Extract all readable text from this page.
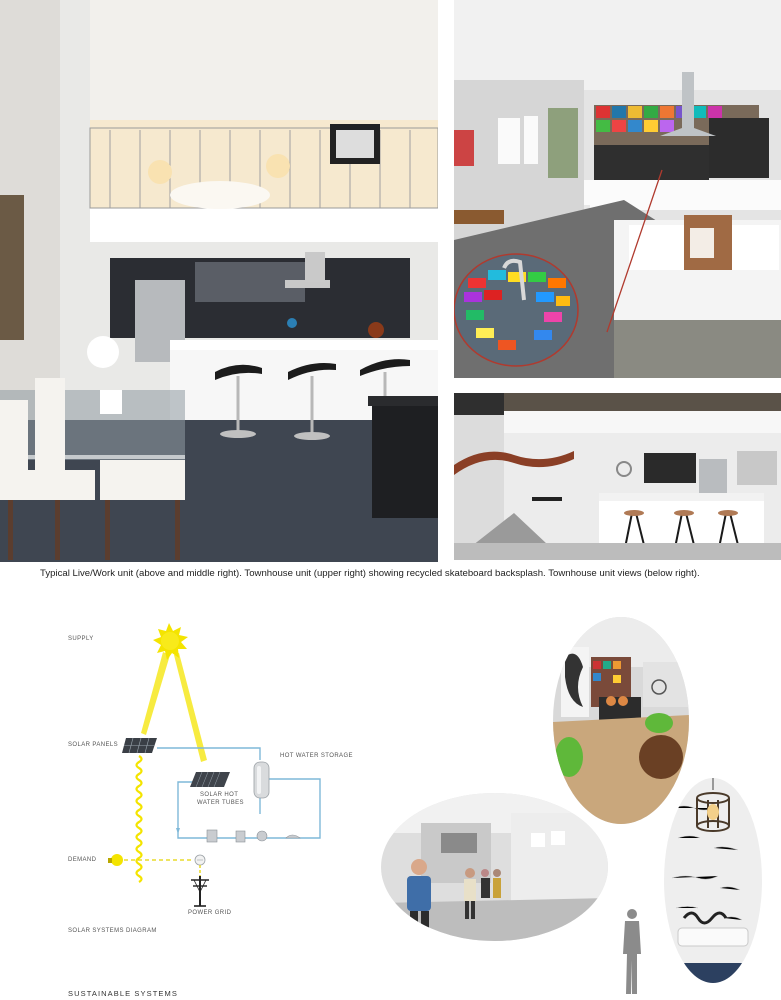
Typical Live/Work unit (above and middle right). Townhouse unit (upper right) showing recycled skateboard backsplash. Townhouse unit views (below right).
SUPPLY
SOLAR PANELS
HOT WATER STORAGE
SOLAR HOT
WATER TUBES
DEMAND
POWER GRID
SOLAR SYSTEMS DIAGRAM
SUSTAINABLE SYSTEMS
